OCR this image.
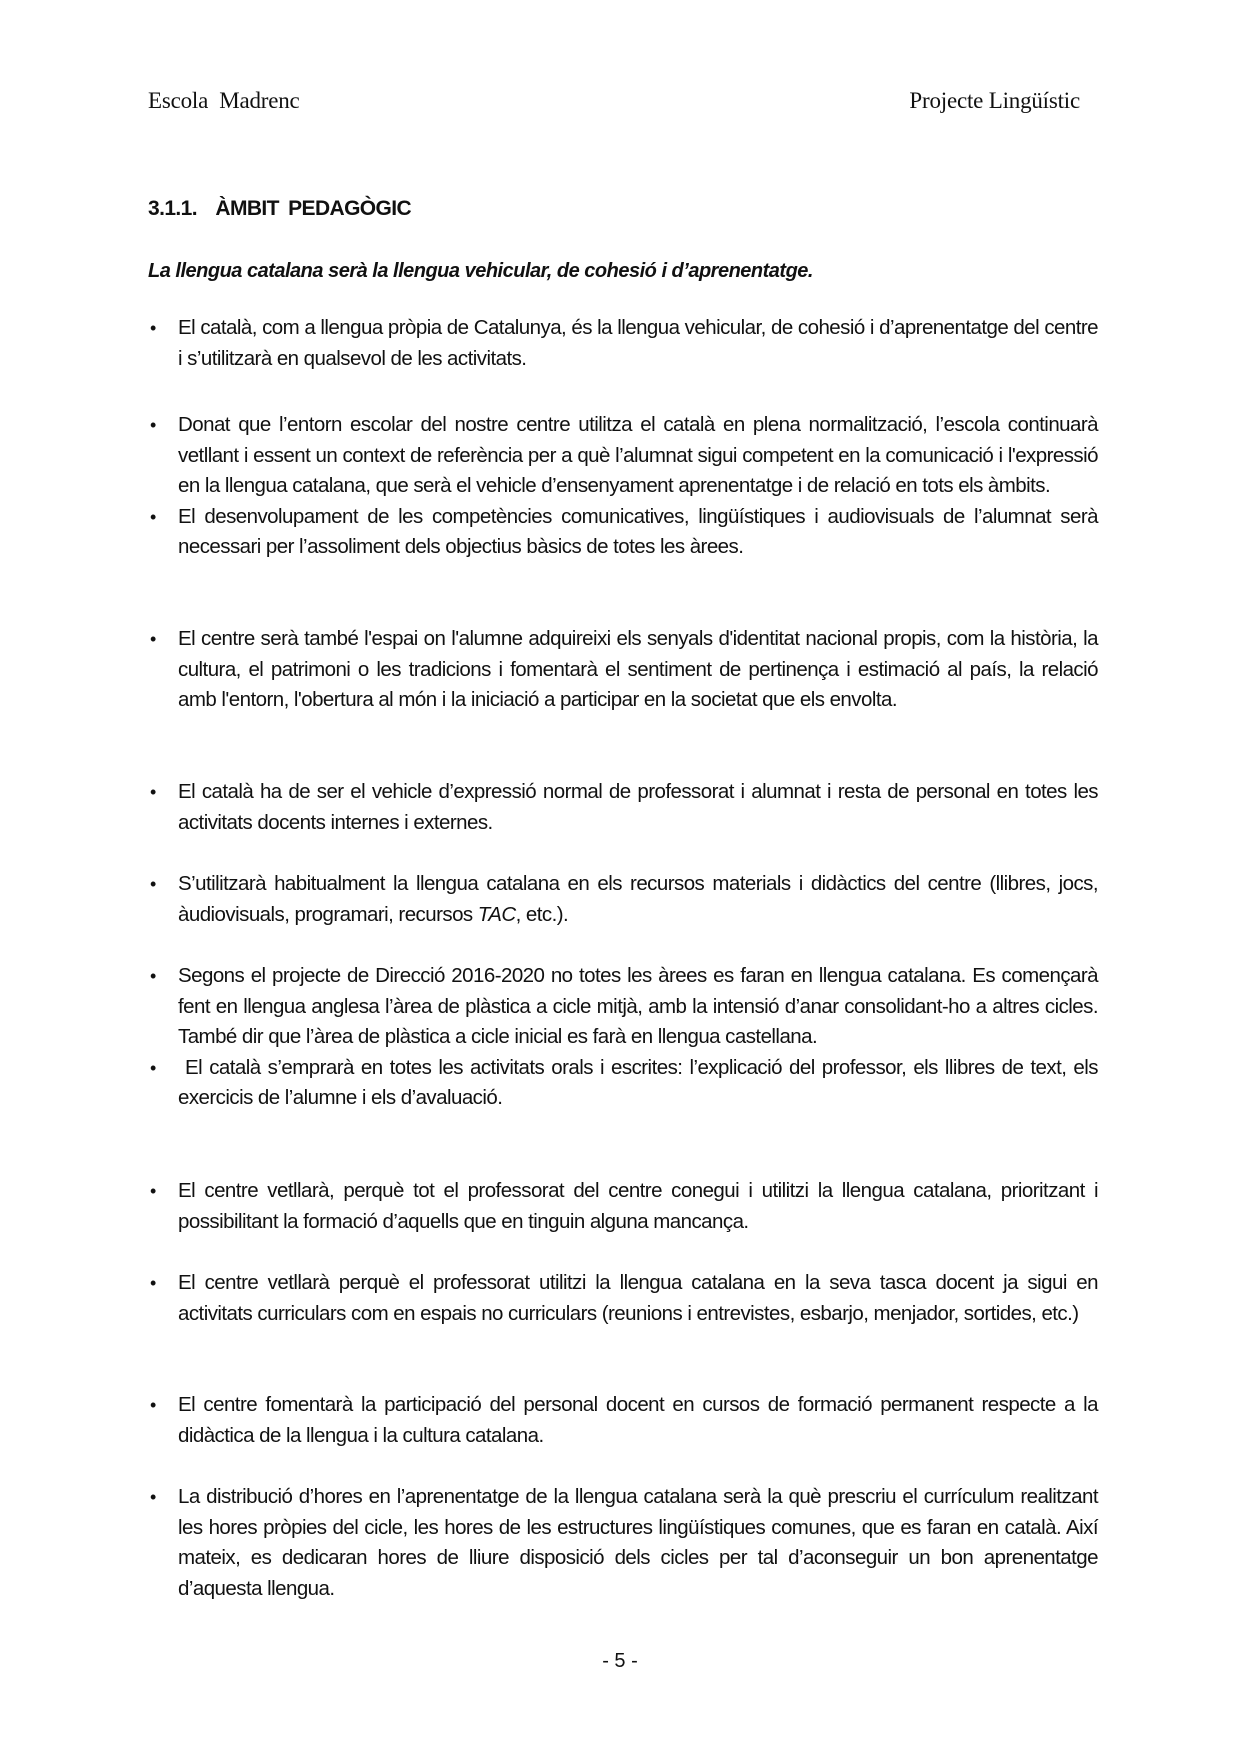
Escola  Madrenc	Projecte Lingüístic
3.1.1.  ÀMBIT PEDAGÒGIC
La llengua catalana serà la llengua vehicular, de cohesió i d’aprenentatge.
• El català, com a llengua pròpia de Catalunya, és la llengua vehicular, de cohesió i d’aprenentatge del centre i s’utilitzarà en qualsevol de les activitats.
• Donat que l’entorn escolar del nostre centre utilitza el català en plena normalització, l’escola continuarà vetllant i essent un context de referència per a què l’alumnat sigui competent en la comunicació i l'expressió en la llengua catalana, que serà el vehicle d’ensenyament aprenentatge i de relació en tots els àmbits.
• El desenvolupament de les competències comunicatives, lingüístiques i audiovisuals de l’alumnat serà necessari per l’assoliment dels objectius bàsics de totes les àrees.
• El centre serà també l'espai on l'alumne adquireixi els senyals d'identitat nacional propis, com la història, la cultura, el patrimoni o les tradicions i fomentarà el sentiment de pertinença i estimació al país, la relació amb l'entorn, l'obertura al món i la iniciació a participar en la societat que els envolta.
• El català ha de ser el vehicle d’expressió normal de professorat i alumnat i resta de personal en totes les activitats docents internes i externes.
• S’utilitzarà habitualment la llengua catalana en els recursos materials i didàctics del centre (llibres, jocs, àudiovisuals, programari, recursos TAC, etc.).
• Segons el projecte de Direcció 2016-2020 no totes les àrees es faran en llengua catalana. Es començarà fent en llengua anglesa l’àrea de plàstica a cicle mitjà, amb la intensió d’anar consolidant-ho a altres cicles. També dir que l’àrea de plàstica a cicle inicial es farà en llengua castellana.
• El català s’emprarà en totes les activitats orals i escrites: l’explicació del professor, els llibres de text, els exercicis de l’alumne i els d’avaluació.
• El centre vetllarà, perquè tot el professorat del centre conegui i utilitzi la llengua catalana, prioritzant i possibilitant la formació d’aquells que en tinguin alguna mancança.
• El centre vetllarà perquè el professorat utilitzi la llengua catalana en la seva tasca docent ja sigui en activitats curriculars com en espais no curriculars (reunions i entrevistes, esbarjo, menjador, sortides, etc.)
• El centre fomentarà la participació del personal docent en cursos de formació permanent respecte a la didàctica de la llengua i la cultura catalana.
• La distribució d’hores en l’aprenentatge de la llengua catalana serà la què prescriu el currículum realitzant les hores pròpies del cicle, les hores de les estructures lingüístiques comunes, que es faran en català. Així mateix, es dedicaran hores de lliure disposició dels cicles per tal d’aconseguir un bon aprenentatge d’aquesta llengua.
- 5 -
